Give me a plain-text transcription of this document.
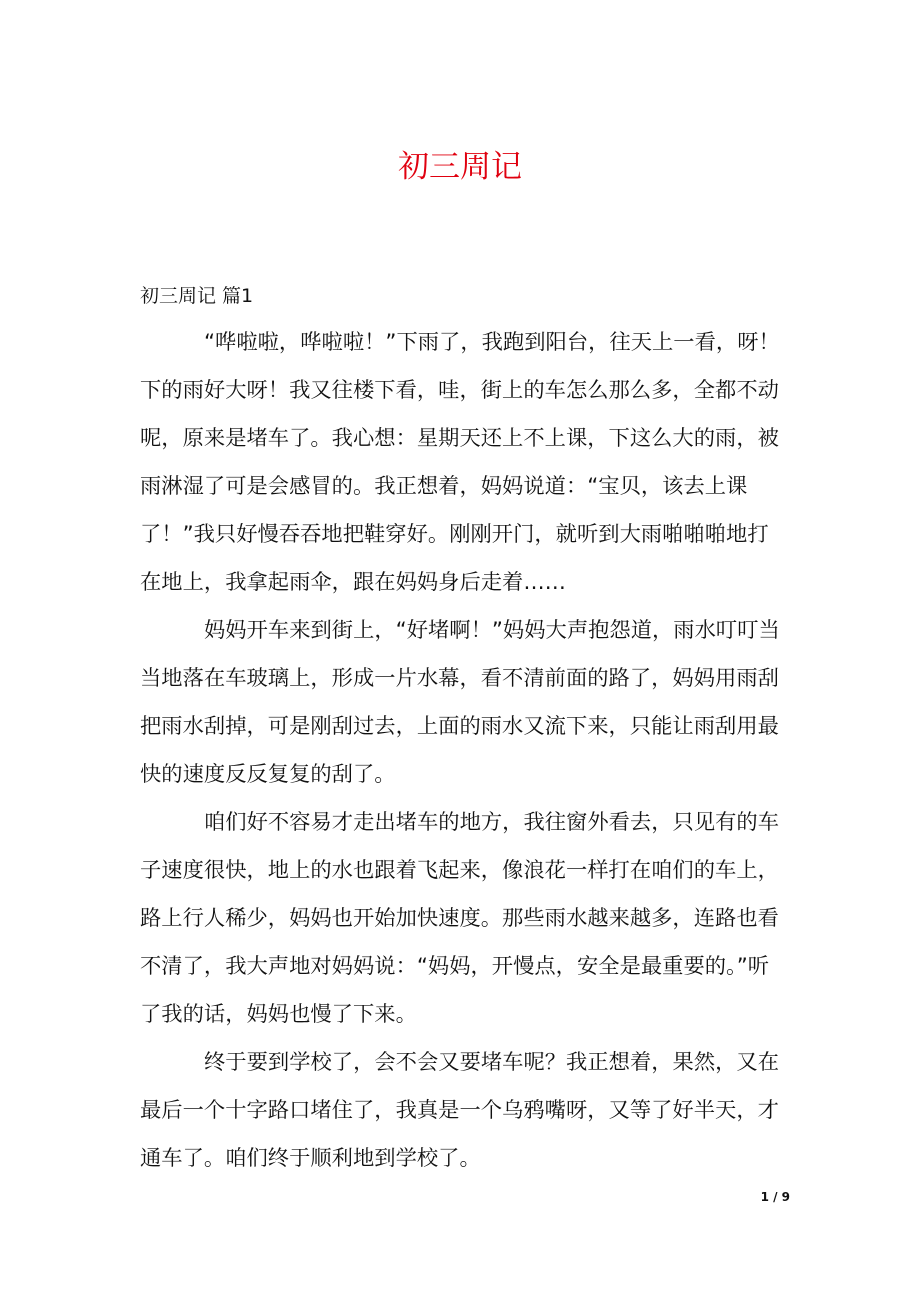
初三周记
初三周记 篇1
“哗啦啦，哗啦啦！”下雨了，我跑到阳台，往天上一看，呀！
下的雨好大呀！我又往楼下看，哇，街上的车怎么那么多，全都不动
呢，原来是堵车了。我心想：星期天还上不上课，下这么大的雨，被
雨淋湿了可是会感冒的。我正想着，妈妈说道：“宝贝，该去上课
了！”我只好慢吞吞地把鞋穿好。刚刚开门，就听到大雨啪啪啪地打
在地上，我拿起雨伞，跟在妈妈身后走着……
妈妈开车来到街上，“好堵啊！”妈妈大声抱怨道，雨水叮叮当
当地落在车玻璃上，形成一片水幕，看不清前面的路了，妈妈用雨刮
把雨水刮掉，可是刚刮过去，上面的雨水又流下来，只能让雨刮用最
快的速度反反复复的刮了。
咱们好不容易才走出堵车的地方，我往窗外看去，只见有的车
子速度很快，地上的水也跟着飞起来，像浪花一样打在咱们的车上，
路上行人稀少，妈妈也开始加快速度。那些雨水越来越多，连路也看
不清了，我大声地对妈妈说：“妈妈，开慢点，安全是最重要的。”听
了我的话，妈妈也慢了下来。
终于要到学校了，会不会又要堵车呢？我正想着，果然，又在
最后一个十字路口堵住了，我真是一个乌鸦嘴呀，又等了好半天，才
通车了。咱们终于顺利地到学校了。
1 / 9
